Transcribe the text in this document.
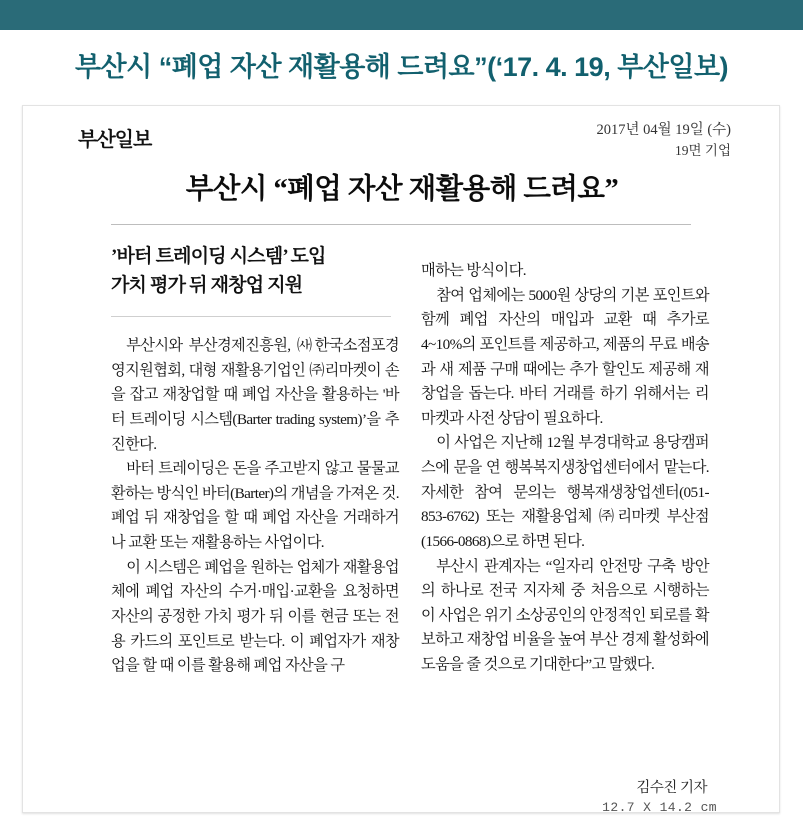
부산시 “폐업 자산 재활용해 드려요”(‘17. 4. 19, 부산일보)
부산일보	2017년 04월 19일 (수)
19면 기업
부산시 “폐업 자산 재활용해 드려요”
’바터 트레이딩 시스템’ 도입
가치 평가 뒤 재창업 지원

부산시와 부산경제진흥원, ㈔한국소점포경영지원협회, 대형 재활용기업인 ㈜리마켓이 손을 잡고 재창업할 때 폐업 자산을 활용하는 '바터 트레이딩 시스템(Barter trading system)’을 추진한다.

바터 트레이딩은 돈을 주고받지 않고 물물교환하는 방식인 바터(Barter)의 개념을 가져온 것. 폐업 뒤 재창업을 할 때 폐업 자산을 거래하거나 교환 또는 재활용하는 사업이다.

이 시스템은 폐업을 원하는 업체가 재활용업체에 폐업 자산의 수거·매입·교환을 요청하면 자산의 공정한 가치 평가 뒤 이를 현금 또는 전용 카드의 포인트로 받는다. 이 폐업자가 재창업을 할 때 이를 활용해 폐업 자산을 구

매하는 방식이다.

참여 업체에는 5000원 상당의 기본 포인트와 함께 폐업 자산의 매입과 교환 때 추가로 4~10%의 포인트를 제공하고, 제품의 무료 배송과 새 제품 구매 때에는 추가 할인도 제공해 재창업을 돕는다. 바터 거래를 하기 위해서는 리마켓과 사전 상담이 필요하다.

이 사업은 지난해 12월 부경대학교 용당캠퍼스에 문을 연 행복복지생창업센터에서 맡는다. 자세한 참여 문의는 행복재생창업센터(051-853-6762) 또는 재활용업체 ㈜리마켓 부산점(1566-0868)으로 하면 된다.

부산시 관계자는 “일자리 안전망 구축 방안의 하나로 전국 지자체 중 처음으로 시행하는 이 사업은 위기 소상공인의 안정적인 퇴로를 확보하고 재창업 비율을 높여 부산 경제 활성화에 도움을 줄 것으로 기대한다”고 말했다.

김수진 기자
12.7 X 14.2 cm
